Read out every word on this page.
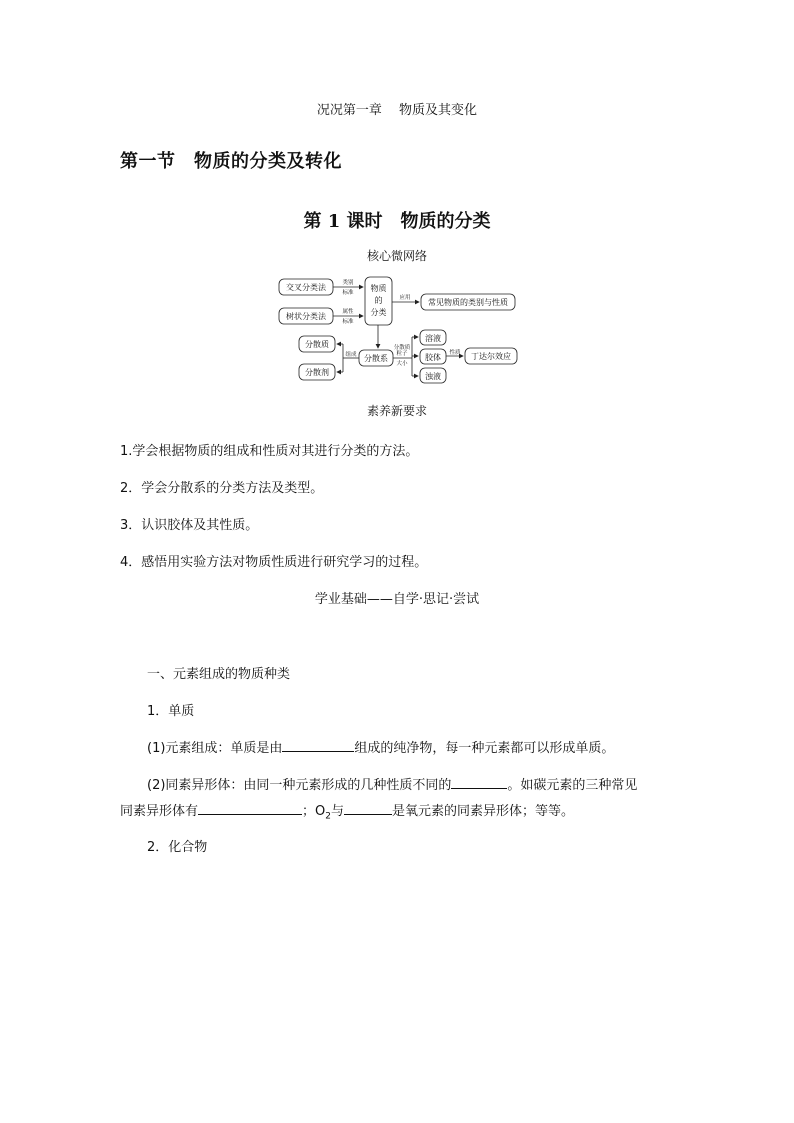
况况第一章　 物质及其变化
第一节　物质的分类及转化
第 1 课时　物质的分类
核心微网络
交叉分类法
树状分类法
物质
的
分类
常见物质的类别与性质
分散质
分散剂
分散系
溶液
胶体
浊液
丁达尔效应
类别
标准
属性
标准
应用
组成
分散质
粒子
大小
性质
素养新要求
1.学会根据物质的组成和性质对其进行分类的方法。
2．学会分散系的分类方法及类型。
3．认识胶体及其性质。
4．感悟用实验方法对物质性质进行研究学习的过程。
学业基础——自学·思记·尝试
一、元素组成的物质种类
1．单质
(1)元素组成：单质是由	组成的纯净物，每一种元素都可以形成单质。
(2)同素异形体：由同一种元素形成的几种性质不同的	。如碳元素的三种常见
同素异形体有	；$O_2$与	是氧元素的同素异形体；等等。
2．化合物
